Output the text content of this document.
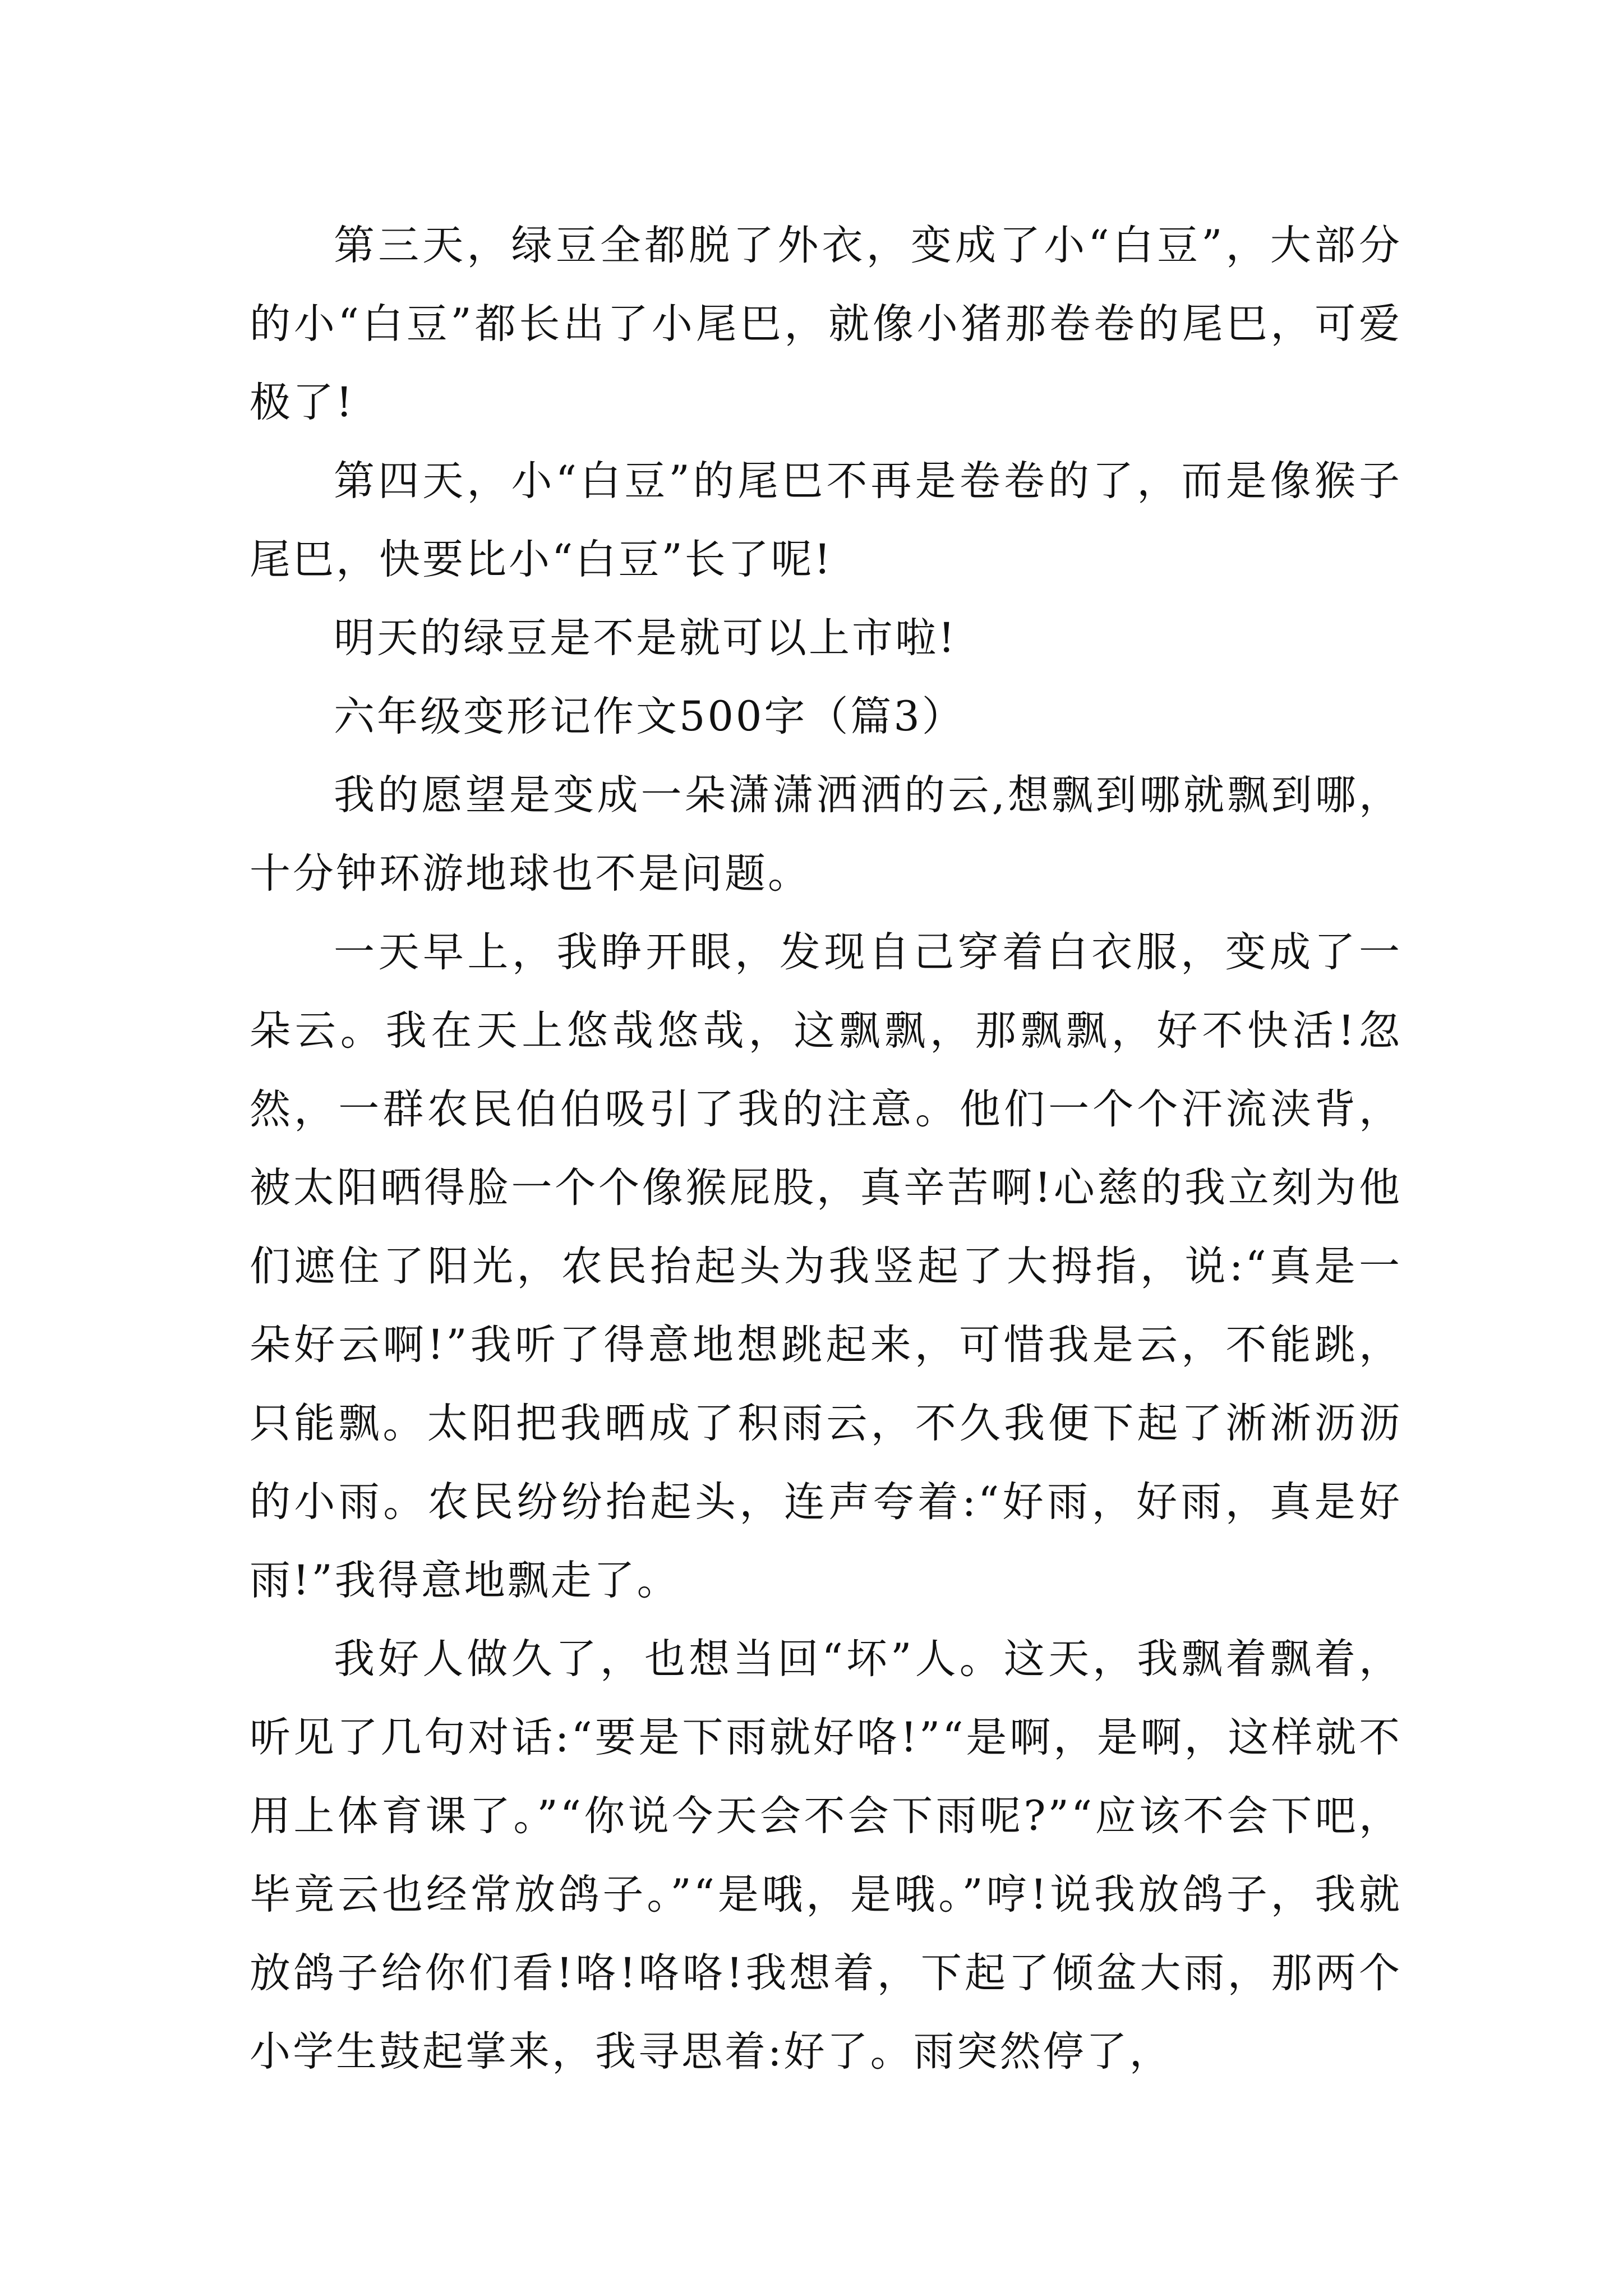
第三天，绿豆全都脱了外衣，变成了小“白豆”，大部分的小“白豆”都长出了小尾巴，就像小猪那卷卷的尾巴，可爱极了!

第四天，小“白豆”的尾巴不再是卷卷的了，而是像猴子尾巴，快要比小“白豆”长了呢!

明天的绿豆是不是就可以上市啦!

六年级变形记作文500字（篇3）

我的愿望是变成一朵潇潇洒洒的云,想飘到哪就飘到哪，十分钟环游地球也不是问题。

一天早上，我睁开眼，发现自己穿着白衣服，变成了一朵云。我在天上悠哉悠哉，这飘飘，那飘飘，好不快活!忽然，一群农民伯伯吸引了我的注意。他们一个个汗流浃背，被太阳晒得脸一个个像猴屁股，真辛苦啊!心慈的我立刻为他们遮住了阳光，农民抬起头为我竖起了大拇指，说:“真是一朵好云啊!”我听了得意地想跳起来，可惜我是云，不能跳，只能飘。太阳把我晒成了积雨云，不久我便下起了淅淅沥沥的小雨。农民纷纷抬起头，连声夸着:“好雨，好雨，真是好雨!”我得意地飘走了。

我好人做久了，也想当回“坏”人。这天，我飘着飘着，听见了几句对话:“要是下雨就好咯!”“是啊，是啊，这样就不用上体育课了。”“你说今天会不会下雨呢?”“应该不会下吧，毕竟云也经常放鸽子。”“是哦，是哦。”哼!说我放鸽子，我就放鸽子给你们看!咯!咯咯!我想着，下起了倾盆大雨，那两个小学生鼓起掌来，我寻思着:好了。雨突然停了，
